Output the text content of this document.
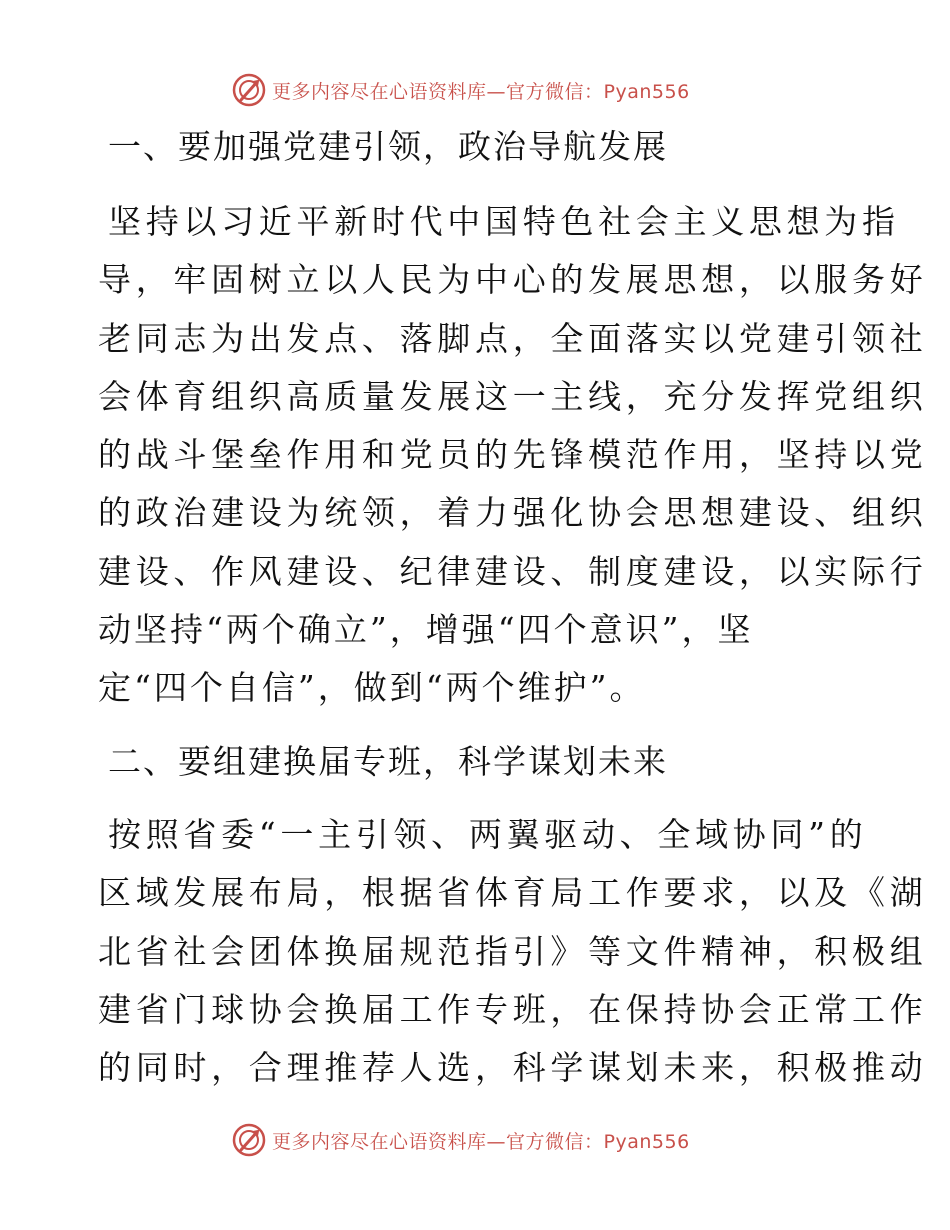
更多内容尽在心语资料库—官方微信：Pyan556
一、要加强党建引领，政治导航发展
坚持以习近平新时代中国特色社会主义思想为指
导，牢固树立以人民为中心的发展思想，以服务好
老同志为出发点、落脚点，全面落实以党建引领社
会体育组织高质量发展这一主线，充分发挥党组织
的战斗堡垒作用和党员的先锋模范作用，坚持以党
的政治建设为统领，着力强化协会思想建设、组织
建设、作风建设、纪律建设、制度建设，以实际行
动坚持“两个确立”，增强“四个意识”，坚
定“四个自信”，做到“两个维护”。
二、要组建换届专班，科学谋划未来
按照省委“一主引领、两翼驱动、全域协同”的
区域发展布局，根据省体育局工作要求，以及《湖
北省社会团体换届规范指引》等文件精神，积极组
建省门球协会换届工作专班，在保持协会正常工作
的同时，合理推荐人选，科学谋划未来，积极推动
更多内容尽在心语资料库—官方微信：Pyan556
